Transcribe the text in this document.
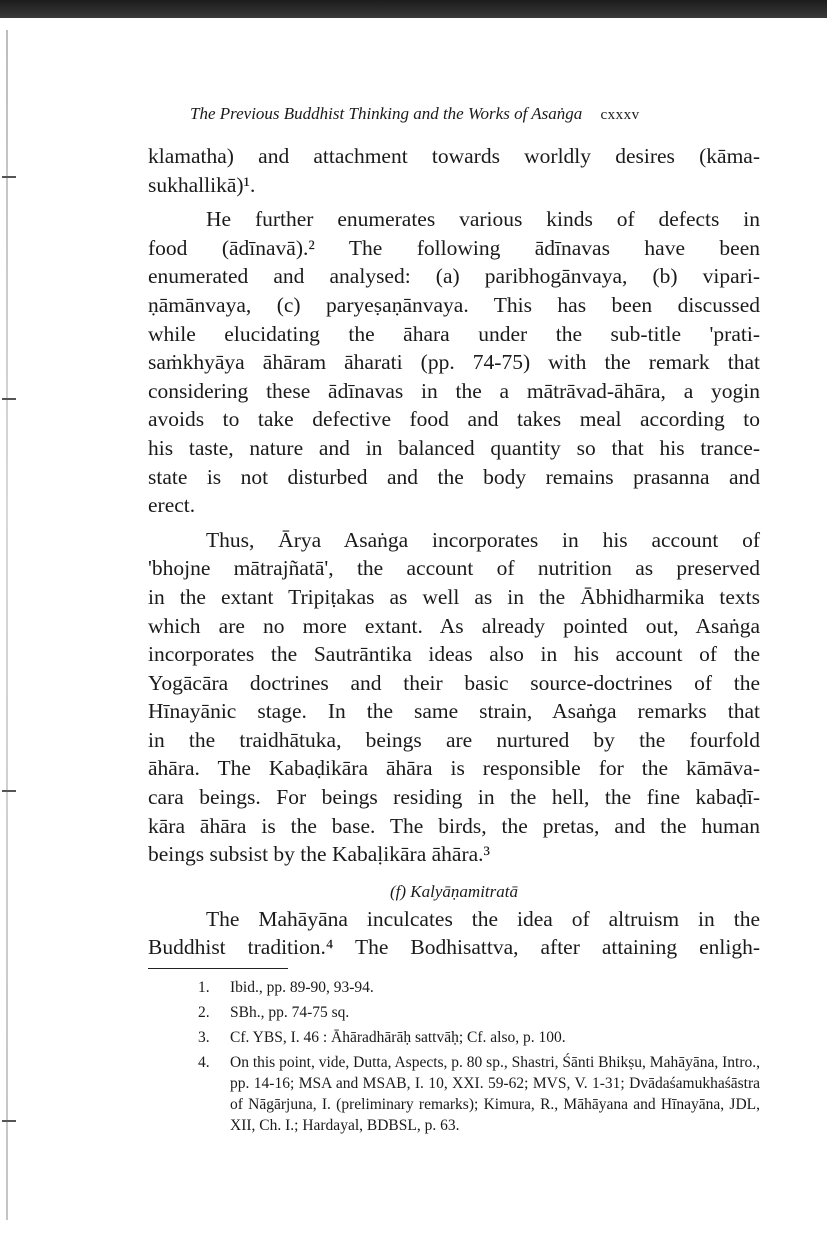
The Previous Buddhist Thinking and the Works of Asaṅga cxxxv
klamatha) and attachment towards worldly desires (kāma-
sukhallikā)¹.
He further enumerates various kinds of defects in
food (ādīnavā).² The following ādīnavas have been
enumerated and analysed: (a) paribhogānvaya, (b) vipari-
ṇāmānvaya, (c) paryeṣaṇānvaya. This has been discussed
while elucidating the āhara under the sub-title 'prati-
saṁkhyāya āhāram āharati (pp. 74-75) with the remark that
considering these ādīnavas in the a mātrāvad-āhāra, a yogin
avoids to take defective food and takes meal according to
his taste, nature and in balanced quantity so that his trance-
state is not disturbed and the body remains prasanna and
erect.
Thus, Ārya Asaṅga incorporates in his account of
'bhojne mātrajñatā', the account of nutrition as preserved
in the extant Tripiṭakas as well as in the Ābhidharmika texts
which are no more extant. As already pointed out, Asaṅga
incorporates the Sautrāntika ideas also in his account of the
Yogācāra doctrines and their basic source-doctrines of the
Hīnayānic stage. In the same strain, Asaṅga remarks that
in the traidhātuka, beings are nurtured by the fourfold
āhāra. The Kabaḍikāra āhāra is responsible for the kāmāva-
cara beings. For beings residing in the hell, the fine kabaḍī-
kāra āhāra is the base. The birds, the pretas, and the human
beings subsist by the Kabaḷikāra āhāra.³
(f) Kalyāṇamitratā
The Mahāyāna inculcates the idea of altruism in the
Buddhist tradition.⁴ The Bodhisattva, after attaining enligh-
1. Ibid., pp. 89-90, 93-94.
2. SBh., pp. 74-75 sq.
3. Cf. YBS, I. 46 : Āhāradhārāḥ sattvāḥ; Cf. also, p. 100.
4. On this point, vide, Dutta, Aspects, p. 80 sp., Shastri, Śānti Bhikṣu, Mahāyāna, Intro., pp. 14-16; MSA and MSAB, I. 10, XXI. 59-62; MVS, V. 1-31; Dvādaśamukhaśāstra of Nāgārjuna, I. (preliminary remarks); Kimura, R., Māhāyana and Hīnayāna, JDL, XII, Ch. I.; Hardayal, BDBSL, p. 63.
